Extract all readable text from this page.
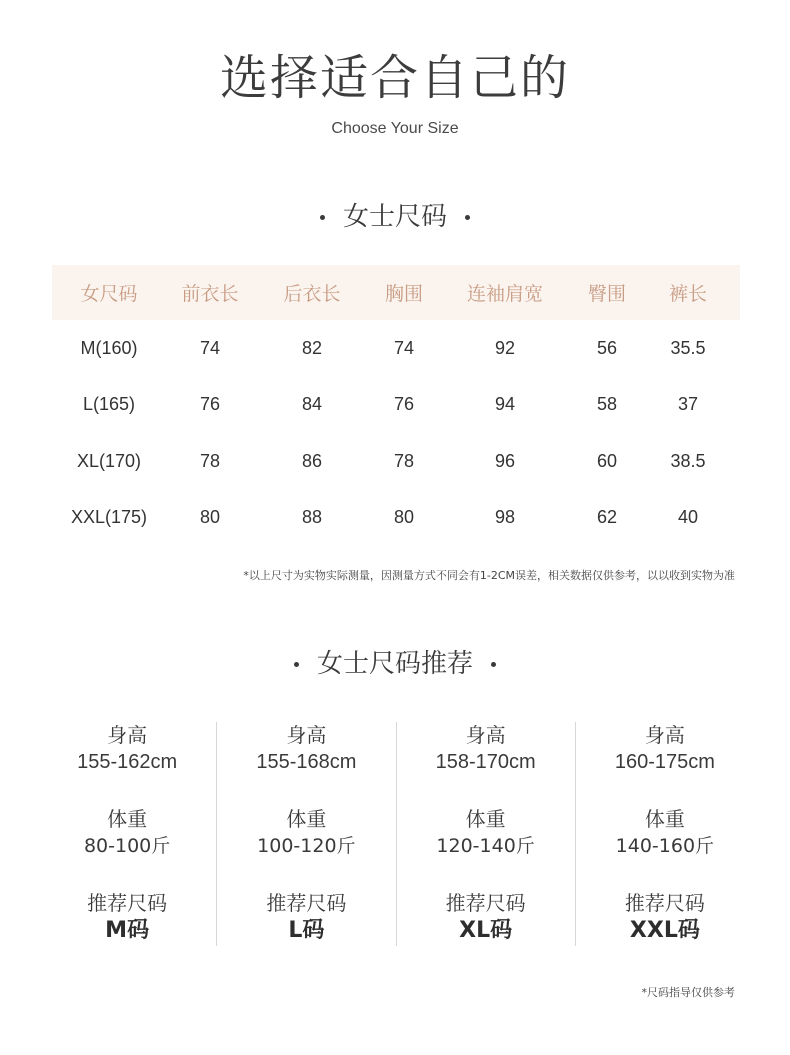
选择适合自己的
Choose Your Size
女士尺码
女尺码	前衣长	后衣长	胸围	连袖肩宽	臀围	裤长
M(160)	74	82	74	92	56	35.5
L(165)	76	84	76	94	58	37
XL(170)	78	86	78	96	60	38.5
XXL(175)	80	88	80	98	62	40
*以上尺寸为实物实际测量，因测量方式不同会有1-2CM误差，相关数据仅供参考，以以收到实物为准
女士尺码推荐
身高
155-162cm
体重
80-100斤
推荐尺码
M码
身高
155-168cm
体重
100-120斤
推荐尺码
L码
身高
158-170cm
体重
120-140斤
推荐尺码
XL码
身高
160-175cm
体重
140-160斤
推荐尺码
XXL码
*尺码指导仅供参考
